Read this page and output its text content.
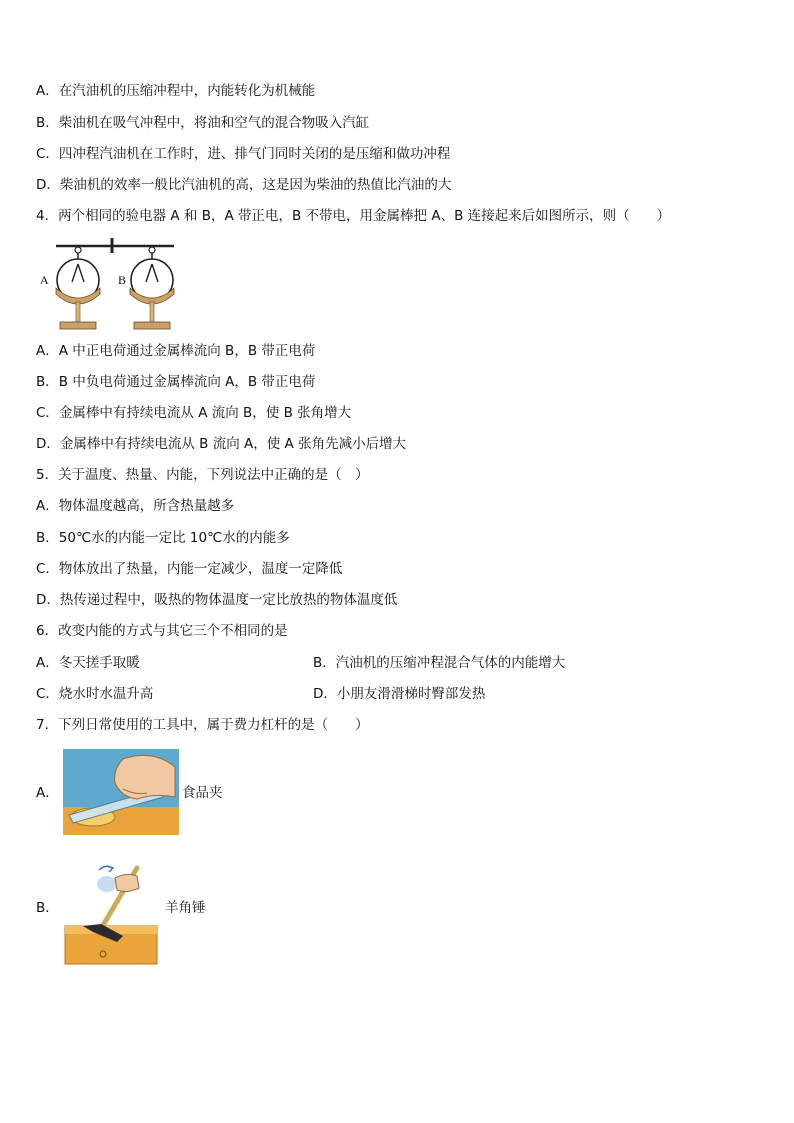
A．在汽油机的压缩冲程中，内能转化为机械能
B．柴油机在吸气冲程中，将油和空气的混合物吸入汽缸
C．四冲程汽油机在工作时，进、排气门同时关闭的是压缩和做功冲程
D．柴油机的效率一般比汽油机的高，这是因为柴油的热值比汽油的大
4．两个相同的验电器 A 和 B，A 带正电，B 不带电，用金属棒把 A、B 连接起来后如图所示，则（　　）
A	B
A．A 中正电荷通过金属棒流向 B，B 带正电荷
B．B 中负电荷通过金属棒流向 A，B 带正电荷
C．金属棒中有持续电流从 A 流向 B，使 B 张角增大
D．金属棒中有持续电流从 B 流向 A，使 A 张角先减小后增大
5．关于温度、热量、内能，下列说法中正确的是（　）
A．物体温度越高，所含热量越多
B．50℃水的内能一定比 10℃水的内能多
C．物体放出了热量，内能一定减少，温度一定降低
D．热传递过程中，吸热的物体温度一定比放热的物体温度低
6．改变内能的方式与其它三个不相同的是
A．冬天搓手取暖	B．汽油机的压缩冲程混合气体的内能增大
C．烧水时水温升高	D．小朋友滑滑梯时臀部发热
7．下列日常使用的工具中，属于费力杠杆的是（　　）
A．	食品夹
B．	羊角锤
